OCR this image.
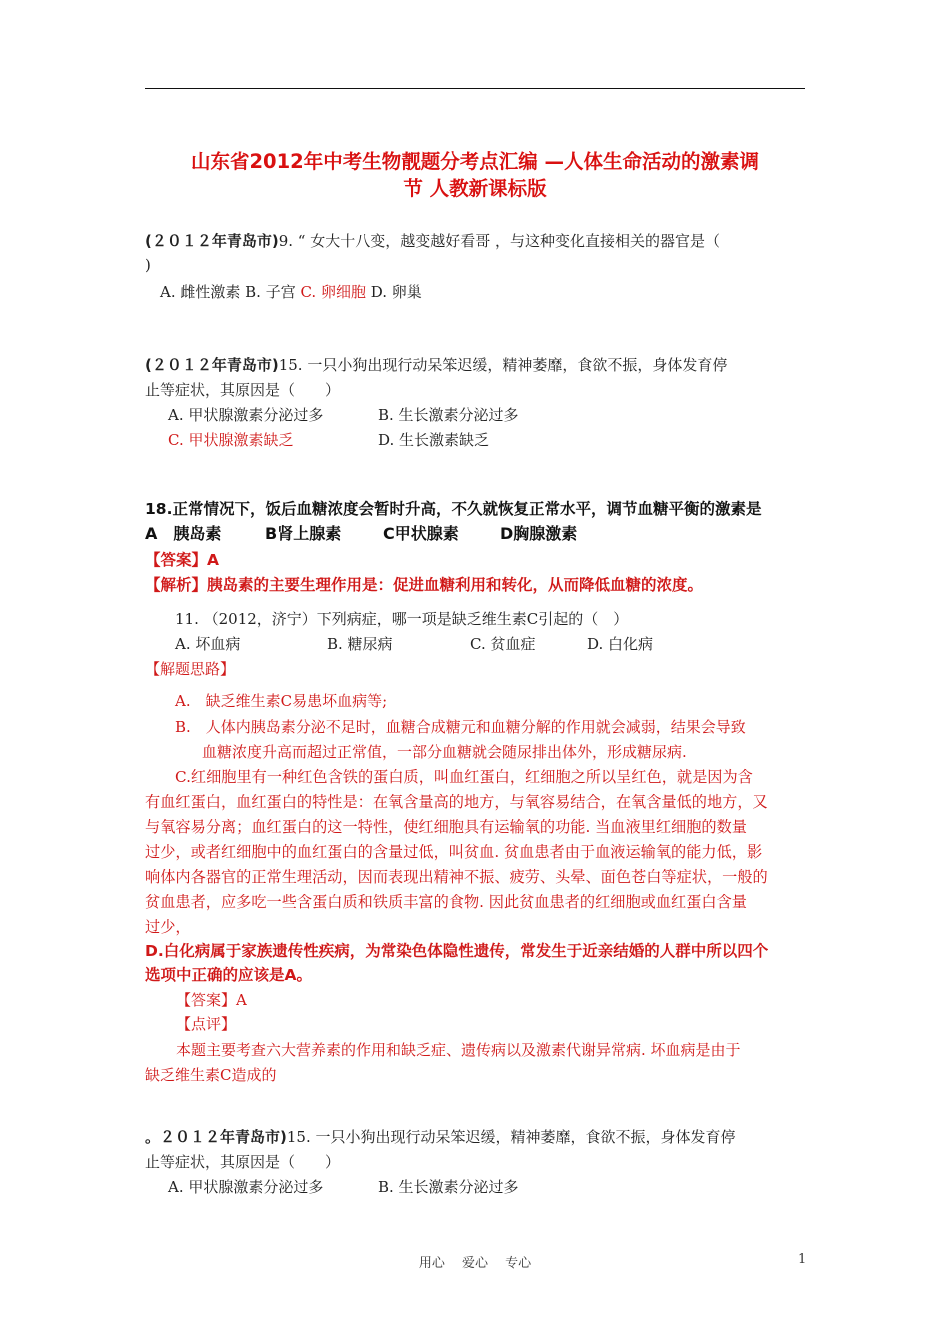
山东省2012年中考生物靓题分考点汇编 —人体生命活动的激素调
节 人教新课标版
(２０１２年青岛市)9. “ 女大十八变，越变越好看哥 ，与这种变化直接相关的器官是（
)
A. 雌性激素 B. 子宫 C. 卵细胞 D. 卵巢
(２０１２年青岛市)15. 一只小狗出现行动呆笨迟缓，精神萎靡，食欲不振，身体发育停
止等症状，其原因是（　　）
A. 甲状腺激素分泌过多	B. 生长激素分泌过多
C. 甲状腺激素缺乏	D. 生长激素缺乏
18.正常情况下，饭后血糖浓度会暂时升高，不久就恢复正常水平，调节血糖平衡的激素是
A　胰岛素	B肾上腺素	C甲状腺素	D胸腺激素
【答案】A
【解析】胰岛素的主要生理作用是：促进血糖利用和转化，从而降低血糖的浓度。
11. （2012，济宁）下列病症，哪一项是缺乏维生素C引起的（　）
A. 坏血病	B. 糖尿病	C. 贫血症	D. 白化病
【解题思路】
A.　缺乏维生素C易患坏血病等;
B.　人体内胰岛素分泌不足时，血糖合成糖元和血糖分解的作用就会减弱，结果会导致
血糖浓度升高而超过正常值，一部分血糖就会随尿排出体外，形成糖尿病.
C.红细胞里有一种红色含铁的蛋白质，叫血红蛋白，红细胞之所以呈红色，就是因为含
有血红蛋白，血红蛋白的特性是：在氧含量高的地方，与氧容易结合，在氧含量低的地方，又
与氧容易分离；血红蛋白的这一特性，使红细胞具有运输氧的功能. 当血液里红细胞的数量
过少，或者红细胞中的血红蛋白的含量过低，叫贫血. 贫血患者由于血液运输氧的能力低，影
响体内各器官的正常生理活动，因而表现出精神不振、疲劳、头晕、面色苍白等症状，一般的
贫血患者，应多吃一些含蛋白质和铁质丰富的食物. 因此贫血患者的红细胞或血红蛋白含量
过少，
D.白化病属于家族遗传性疾病，为常染色体隐性遗传，常发生于近亲结婚的人群中所以四个
选项中正确的应该是A。
【答案】A
【点评】
本题主要考查六大营养素的作用和缺乏症、遗传病以及激素代谢异常病. 坏血病是由于
缺乏维生素C造成的
。２０１２年青岛市)15. 一只小狗出现行动呆笨迟缓，精神萎靡，食欲不振，身体发育停
止等症状，其原因是（　　）
A. 甲状腺激素分泌过多	B. 生长激素分泌过多
用心　 爱心　 专心	1
